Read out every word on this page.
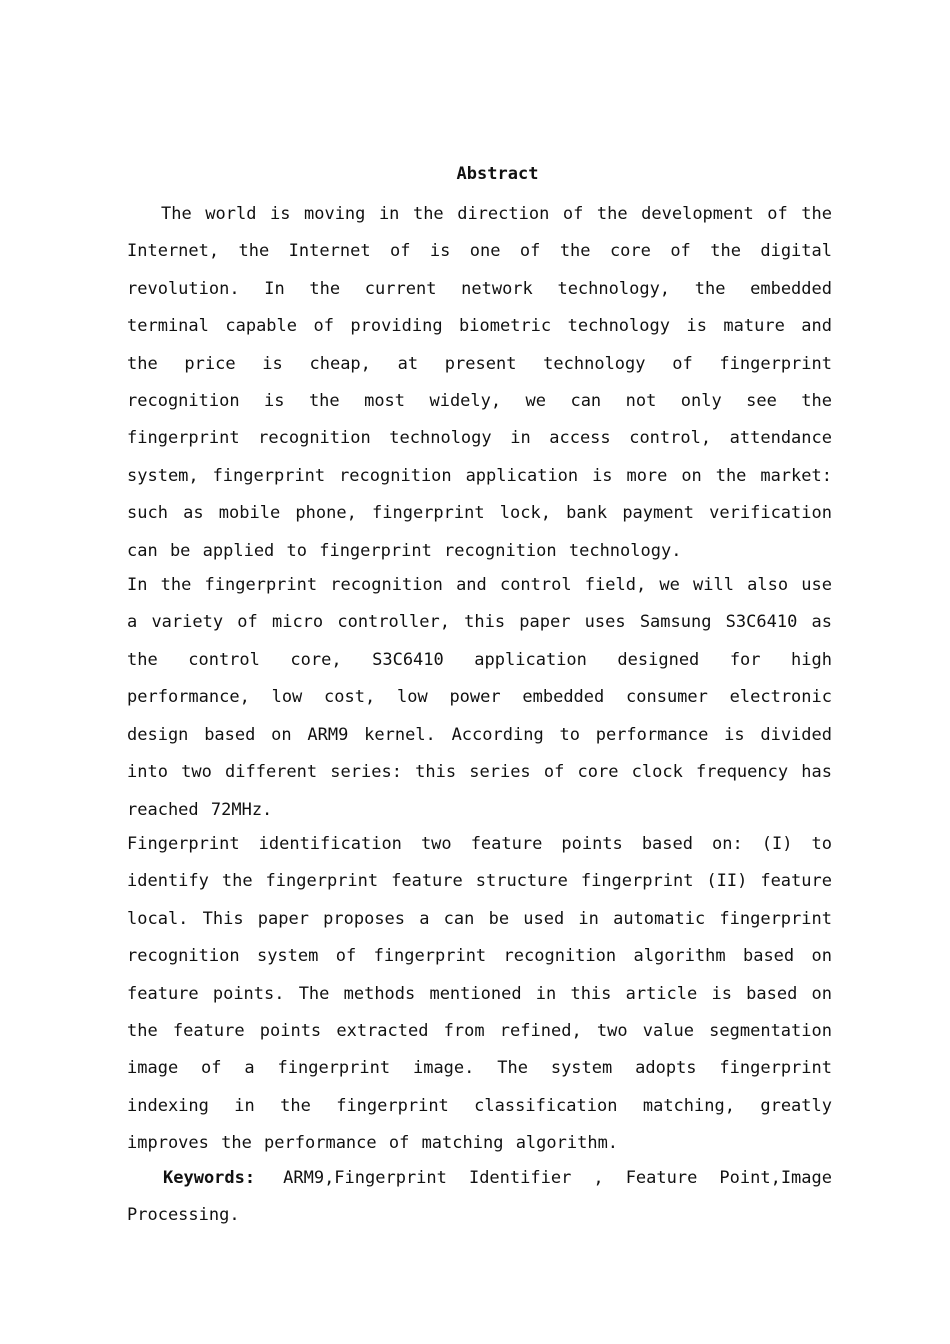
Abstract

The world is moving in the direction of the development of the Internet, the Internet of is one of the core of the digital revolution. In the current network technology, the embedded terminal capable of providing biometric technology is mature and the price is cheap, at present technology of fingerprint recognition is the most widely, we can not only see the fingerprint recognition technology in access control, attendance system, fingerprint recognition application is more on the market: such as mobile phone, fingerprint lock, bank payment verification can be applied to fingerprint recognition technology.

In the fingerprint recognition and control field, we will also use a variety of micro controller, this paper uses Samsung S3C6410 as the control core, S3C6410 application designed for high performance, low cost, low power embedded consumer electronic design based on ARM9 kernel. According to performance is divided into two different series: this series of core clock frequency has reached 72MHz.

Fingerprint identification two feature points based on: (I) to identify the fingerprint feature structure fingerprint (II) feature local. This paper proposes a can be used in automatic fingerprint recognition system of fingerprint recognition algorithm based on feature points. The methods mentioned in this article is based on the feature points extracted from refined, two value segmentation image of a fingerprint image. The system adopts fingerprint indexing in the fingerprint classification matching, greatly improves the performance of matching algorithm.

Keywords: ARM9,Fingerprint Identifier , Feature Point,Image Processing.
